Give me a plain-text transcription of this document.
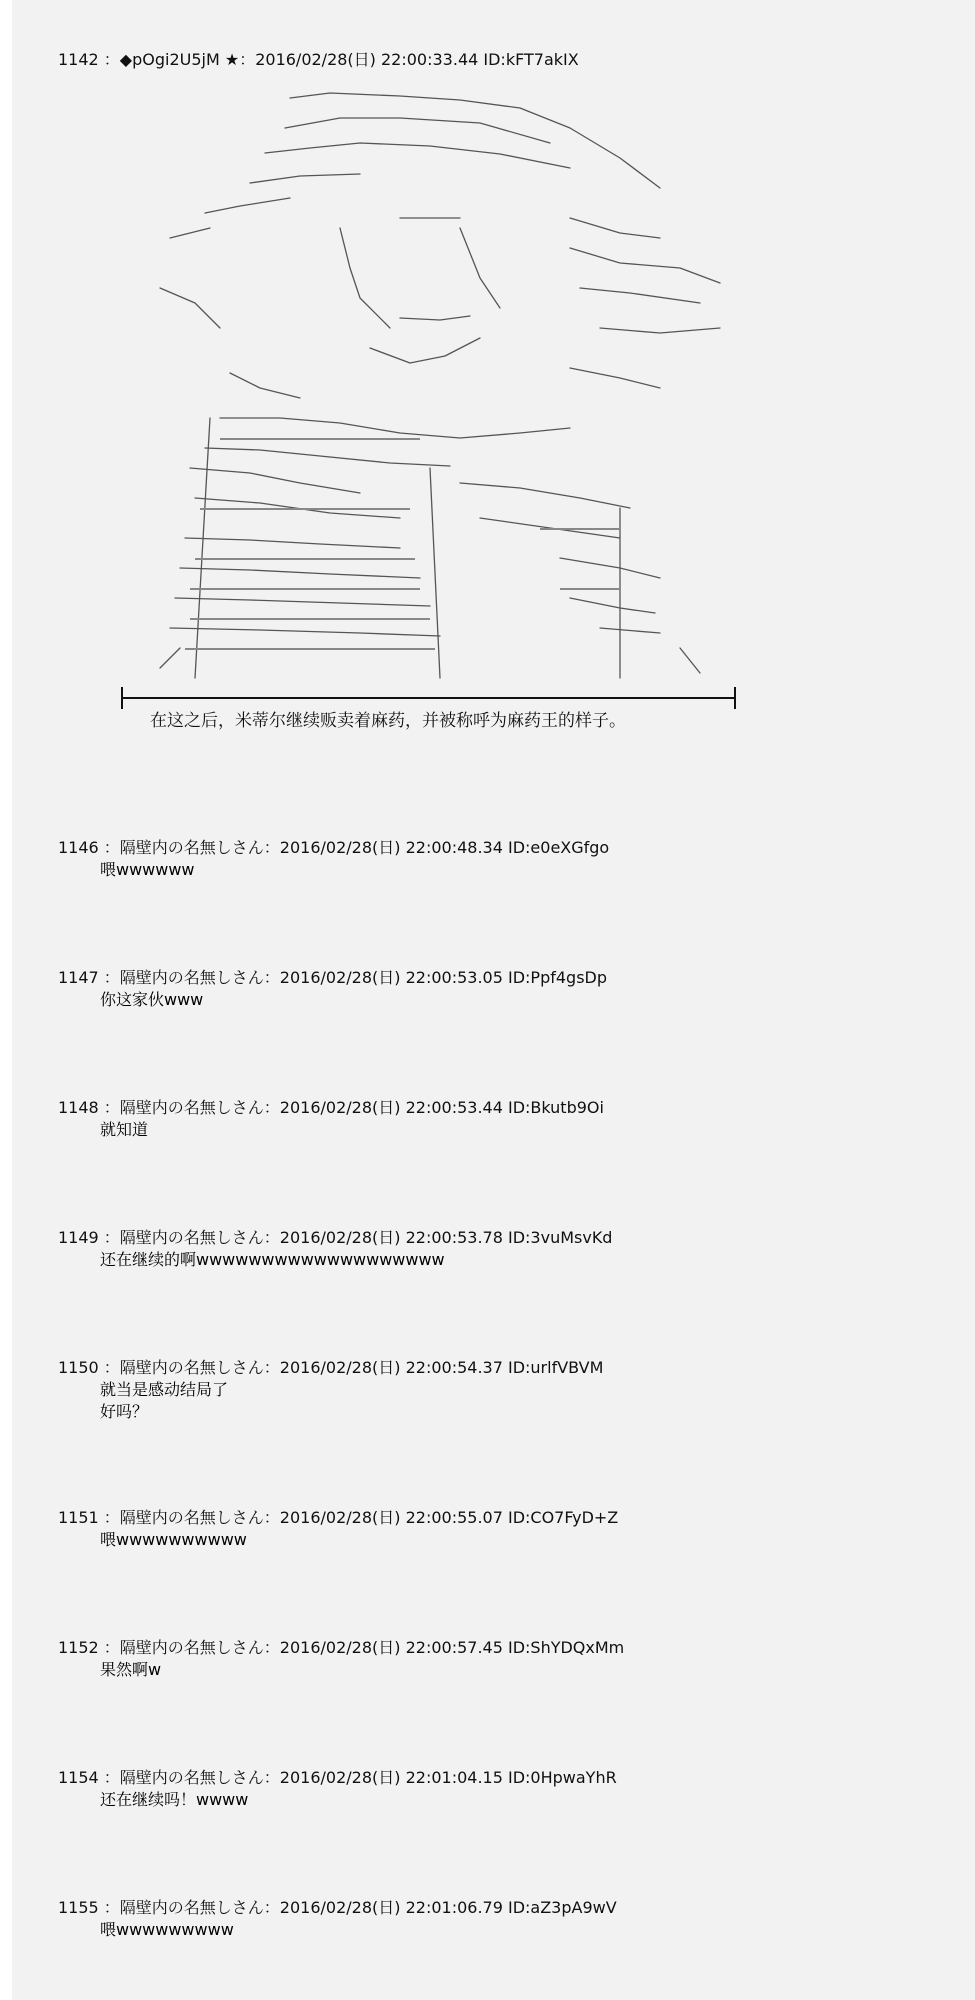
1142 ：◆pOgi2U5jM ★：2016/02/28(日) 22:00:33.44 ID:kFT7akIX
在这之后，米蒂尔继续贩卖着麻药，并被称呼为麻药王的样子。
1146 ：隔壁内の名無しさん：2016/02/28(日) 22:00:48.34 ID:e0eXGfgo
喂wwwwww
1147 ：隔壁内の名無しさん：2016/02/28(日) 22:00:53.05 ID:Ppf4gsDp
你这家伙www
1148 ：隔壁内の名無しさん：2016/02/28(日) 22:00:53.44 ID:Bkutb9Oi
就知道
1149 ：隔壁内の名無しさん：2016/02/28(日) 22:00:53.78 ID:3vuMsvKd
还在继续的啊wwwwwwwwwwwwwwwwwww
1150 ：隔壁内の名無しさん：2016/02/28(日) 22:00:54.37 ID:urlfVBVM
就当是感动结局了
好吗？
1151 ：隔壁内の名無しさん：2016/02/28(日) 22:00:55.07 ID:CO7FyD+Z
喂wwwwwwwwww
1152 ：隔壁内の名無しさん：2016/02/28(日) 22:00:57.45 ID:ShYDQxMm
果然啊w
1154 ：隔壁内の名無しさん：2016/02/28(日) 22:01:04.15 ID:0HpwaYhR
还在继续吗！wwww
1155 ：隔壁内の名無しさん：2016/02/28(日) 22:01:06.79 ID:aZ3pA9wV
喂wwwwwwwww
